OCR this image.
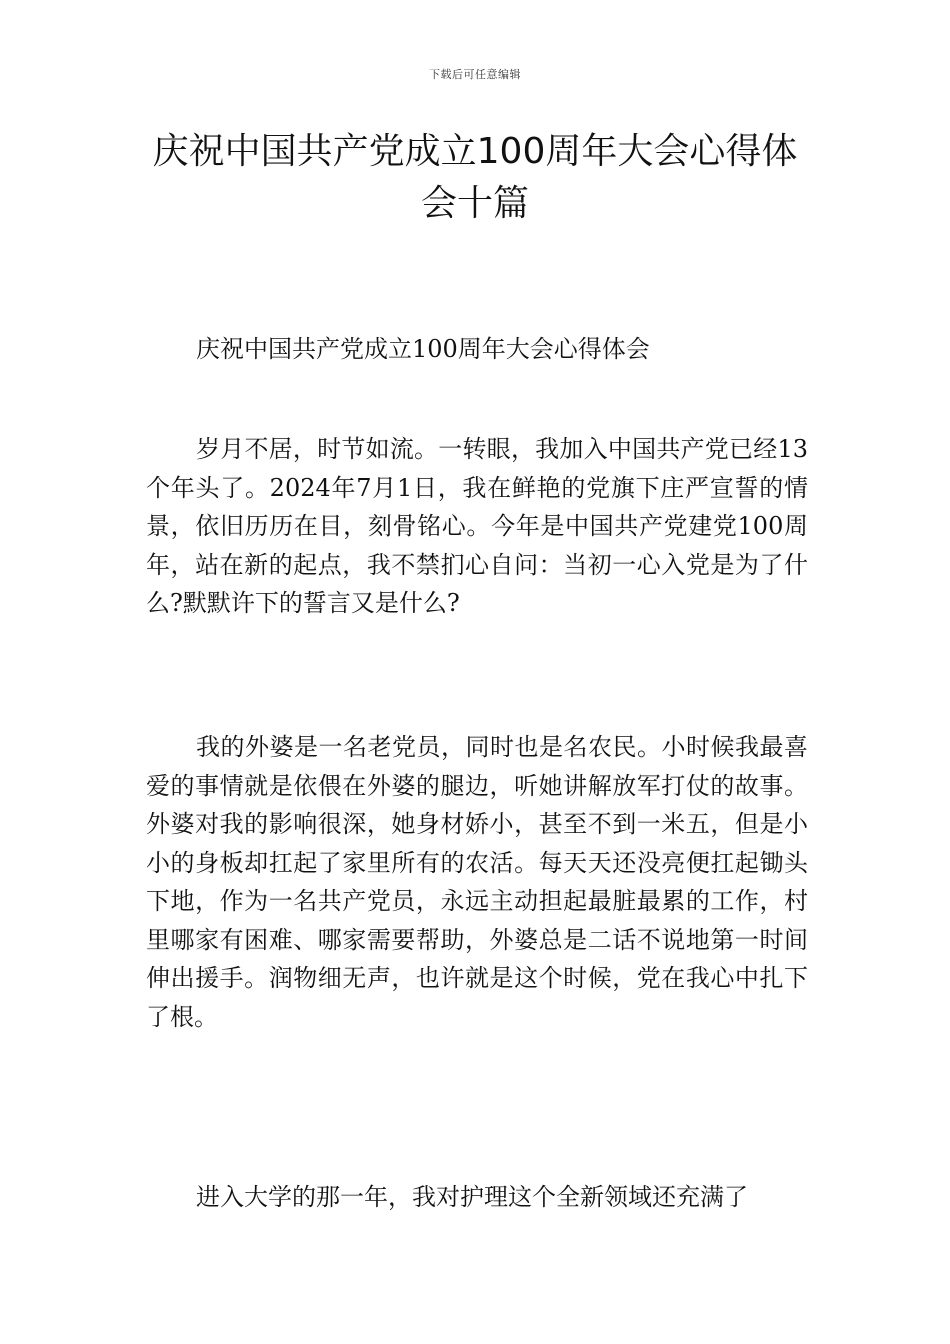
下载后可任意编辑
庆祝中国共产党成立100周年大会心得体会十篇

庆祝中国共产党成立100周年大会心得体会

岁月不居，时节如流。一转眼，我加入中国共产党已经13个年头了。2024年7月1日，我在鲜艳的党旗下庄严宣誓的情景，依旧历历在目，刻骨铭心。今年是中国共产党建党100周年，站在新的起点，我不禁扪心自问：当初一心入党是为了什么?默默许下的誓言又是什么?

我的外婆是一名老党员，同时也是名农民。小时候我最喜爱的事情就是依偎在外婆的腿边，听她讲解放军打仗的故事。外婆对我的影响很深，她身材娇小，甚至不到一米五，但是小小的身板却扛起了家里所有的农活。每天天还没亮便扛起锄头下地，作为一名共产党员，永远主动担起最脏最累的工作，村里哪家有困难、哪家需要帮助，外婆总是二话不说地第一时间伸出援手。润物细无声，也许就是这个时候，党在我心中扎下了根。

进入大学的那一年，我对护理这个全新领域还充满了
